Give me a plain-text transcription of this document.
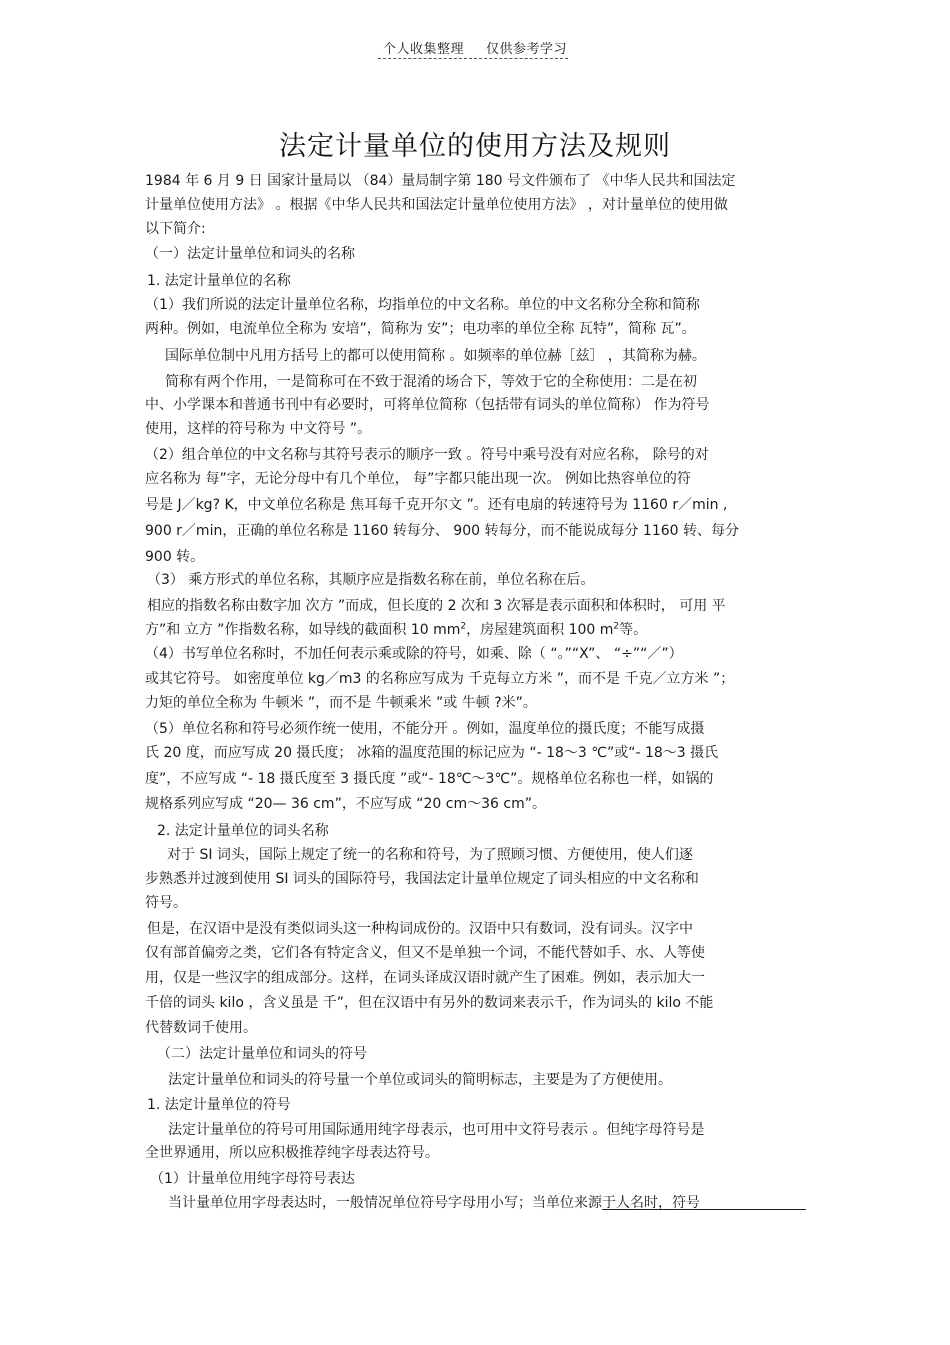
个人收集整理 仅供参考学习
法定计量单位的使用方法及规则
1984 年 6 月 9 日 国家计量局以 （84）量局制字第 180 号文件颁布了 《中华人民共和国法定
计量单位使用方法》 。根据《中华人民共和国法定计量单位使用方法》 ，对计量单位的使用做
以下简介:
（一）法定计量单位和词头的名称
1. 法定计量单位的名称
（1）我们所说的法定计量单位名称，均指单位的中文名称。单位的中文名称分全称和简称
两种。例如，电流单位全称为 安培”，简称为 安”；电功率的单位全称 瓦特”，简称 瓦”。
国际单位制中凡用方括号上的都可以使用简称 。如频率的单位赫［兹］ ，其简称为赫。
简称有两个作用，一是简称可在不致于混淆的场合下，等效于它的全称使用：二是在初
中、小学课本和普通书刊中有必要时，可将单位简称（包括带有词头的单位简称） 作为符号
使用，这样的符号称为 中文符号 ”。
（2）组合单位的中文名称与其符号表示的顺序一致 。符号中乘号没有对应名称， 除号的对
应名称为 每”字，无论分母中有几个单位， 每”字都只能出现一次。 例如比热容单位的符
号是 J／kg? K，中文单位名称是 焦耳每千克开尔文 ”。还有电扇的转速符号为 1160 r／min ,
900 r／min，正确的单位名称是 1160 转每分、 900 转每分，而不能说成每分 1160 转、每分
900 转。
（3） 乘方形式的单位名称，其顺序应是指数名称在前，单位名称在后。
相应的指数名称由数字加 次方 ”而成，但长度的 2 次和 3 次幂是表示面积和体积时， 可用 平
方”和 立方 ”作指数名称，如导线的截面积 10 $mm^2$，房屋建筑面积 100 $m^2$等。
（4）书写单位名称时，不加任何表示乘或除的符号，如乘、除（ “。”“X”、 “÷”“／”）
或其它符号。 如密度单位 kg／m3 的名称应写成为 千克每立方米 ”，而不是 千克／立方米 ”；
力矩的单位全称为 牛顿米 ”，而不是 牛顿乘米 ”或 牛顿 ?米”。
（5）单位名称和符号必须作统一使用，不能分开 。例如，温度单位的摄氏度；不能写成摄
氏 20 度，而应写成 20 摄氏度； 冰箱的温度范围的标记应为 “- 18～3 ℃”或“- 18～3 摄氏
度”，不应写成 “- 18 摄氏度至 3 摄氏度 ”或“- 18℃～3℃”。规格单位名称也一样，如锅的
规格系列应写成 “20— 36 cm”，不应写成 “20 cm～36 cm”。
2. 法定计量单位的词头名称
对于 SI 词头，国际上规定了统一的名称和符号，为了照顾习惯、方便使用，使人们逐
步熟悉并过渡到使用 SI 词头的国际符号，我国法定计量单位规定了词头相应的中文名称和
符号。
但是，在汉语中是没有类似词头这一种构词成份的。汉语中只有数词，没有词头。汉字中
仅有部首偏旁之类，它们各有特定含义，但又不是单独一个词，不能代替如手、水、人等使
用，仅是一些汉字的组成部分。这样，在词头译成汉语时就产生了困难。例如，表示加大一
千倍的词头 kilo ，含义虽是 千”，但在汉语中有另外的数词来表示千，作为词头的 kilo 不能
代替数词千使用。
（二）法定计量单位和词头的符号
法定计量单位和词头的符号量一个单位或词头的简明标志，主要是为了方便使用。
1. 法定计量单位的符号
法定计量单位的符号可用国际通用纯字母表示，也可用中文符号表示 。但纯字母符号是
全世界通用，所以应积极推荐纯字母表达符号。
（1）计量单位用纯字母符号表达
当计量单位用字母表达时，一般情况单位符号字母用小写；当单位来源于人名时，符号
